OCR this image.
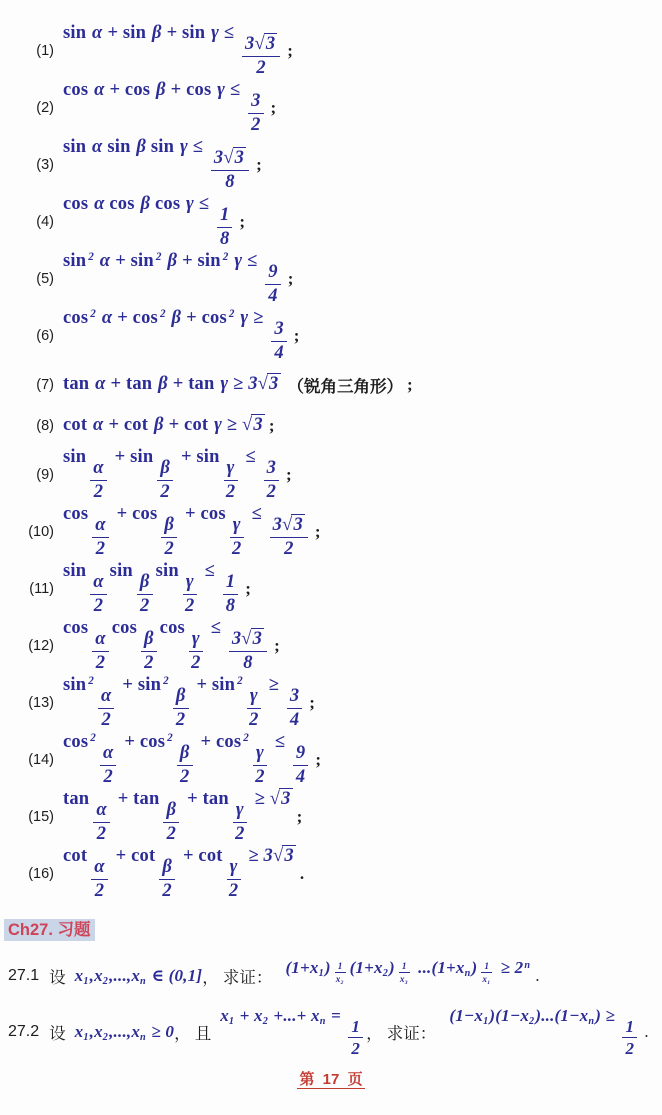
(1)
sin α + sin β + sin γ ≤
$\frac{3√3}{2}$ ;
(2)
cos α + cos β + cos γ ≤
$\frac{3}{2}$ ;
(3)
sin α sin β sin γ ≤
$\frac{3√3}{8}$ ;
(4)
cos α cos β cos γ ≤
$\frac{1}{8}$ ;
(5)
sin 2 α + sin 2 β + sin 2 γ ≤
$\frac{9}{4}$ ;
(6)
cos 2 α + cos 2 β + cos 2 γ ≥
$\frac{3}{4}$ ;
(7) tan α + tan β + tan γ ≥ 3√3 （锐角三角形） ;
(8) cot α + cot β + cot γ ≥ √3 ;
(9)
sin
$\frac{\alpha}{2}$
+ sin
$\frac{\beta}{2}$
+ sin
$\frac{\gamma}{2}$
≤
$\frac{3}{2}$ ;
(10)
cos
$\frac{\alpha}{2}$
+ cos
$\frac{\beta}{2}$
+ cos
$\frac{\gamma}{2}$
≤
$\frac{3√3}{2}$ ;
(11)
sin
$\frac{\alpha}{2}$
sin
$\frac{\beta}{2}$
sin
$\frac{\gamma}{2}$
≤
$\frac{1}{8}$ ;
(12)
cos
$\frac{\alpha}{2}$
cos
$\frac{\beta}{2}$
cos
$\frac{\gamma}{2}$
≤
$\frac{3√3}{8}$ ;
(13)
sin 2
$\frac{\alpha}{2}$
+ sin 2
$\frac{\beta}{2}$
+ sin 2
$\frac{\gamma}{2}$
≥
$\frac{3}{4}$ ;
(14)
cos 2
$\frac{\alpha}{2}$
+ cos 2
$\frac{\beta}{2}$
+ cos 2
$\frac{\gamma}{2}$
≤
$\frac{9}{4}$ ;
(15)
tan
$\frac{\alpha}{2}$
+ tan
$\frac{\beta}{2}$
+ tan
$\frac{\gamma}{2}$
≥ √3
;
(16)
cot
$\frac{\alpha}{2}$
+ cot
$\frac{\beta}{2}$
+ cot
$\frac{\gamma}{2}$
≥ 3√3
.
Ch27. 习题
27.1 设 x1,x2,...,xn ∈ (0,1] ， 求证：
$(1+x1) \frac{1}{x2} (1+x2) \frac{1}{x3} ...(1+xn) \frac{1}{x1} \ge 2n$
.
27.2 设 x1,x2,...,xn ≥ 0 ， 且
x1 + x2 +...+ xn =
$\frac{1}{2}$ ， 求证：
(1−x1)(1−x2)...(1−xn) ≥
$\frac{1}{2}$ .
第  17  页
